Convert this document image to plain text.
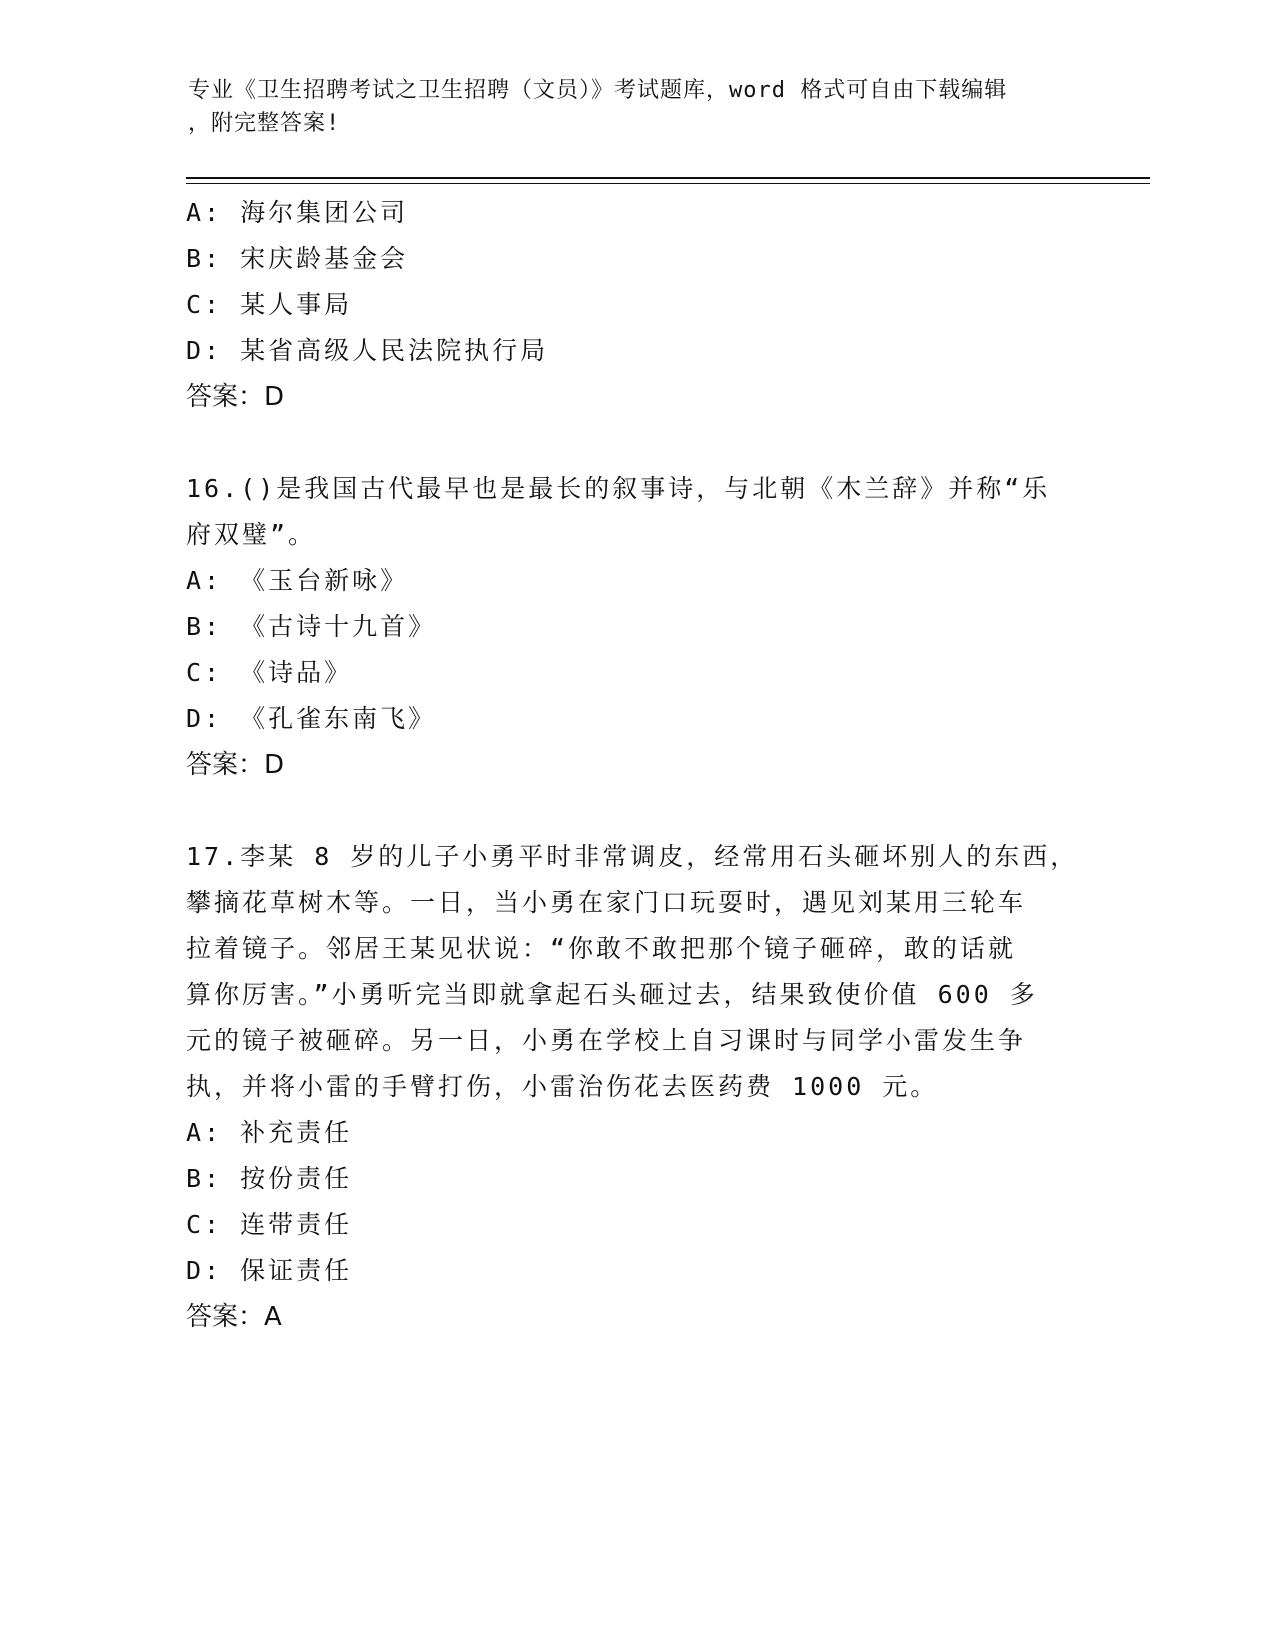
专业《卫生招聘考试之卫生招聘（文员）》考试题库，word 格式可自由下载编辑
，附完整答案!
A: 海尔集团公司
B: 宋庆龄基金会
C: 某人事局
D: 某省高级人民法院执行局
答案：D
16.()是我国古代最早也是最长的叙事诗，与北朝《木兰辞》并称“乐
府双璧”。
A: 《玉台新咏》
B: 《古诗十九首》
C: 《诗品》
D: 《孔雀东南飞》
答案：D
17.李某 8 岁的儿子小勇平时非常调皮，经常用石头砸坏别人的东西，
攀摘花草树木等。一日，当小勇在家门口玩耍时，遇见刘某用三轮车
拉着镜子。邻居王某见状说：“你敢不敢把那个镜子砸碎，敢的话就
算你厉害。”小勇听完当即就拿起石头砸过去，结果致使价值 600 多
元的镜子被砸碎。另一日，小勇在学校上自习课时与同学小雷发生争
执，并将小雷的手臂打伤，小雷治伤花去医药费 1000 元。
A: 补充责任
B: 按份责任
C: 连带责任
D: 保证责任
答案：A
